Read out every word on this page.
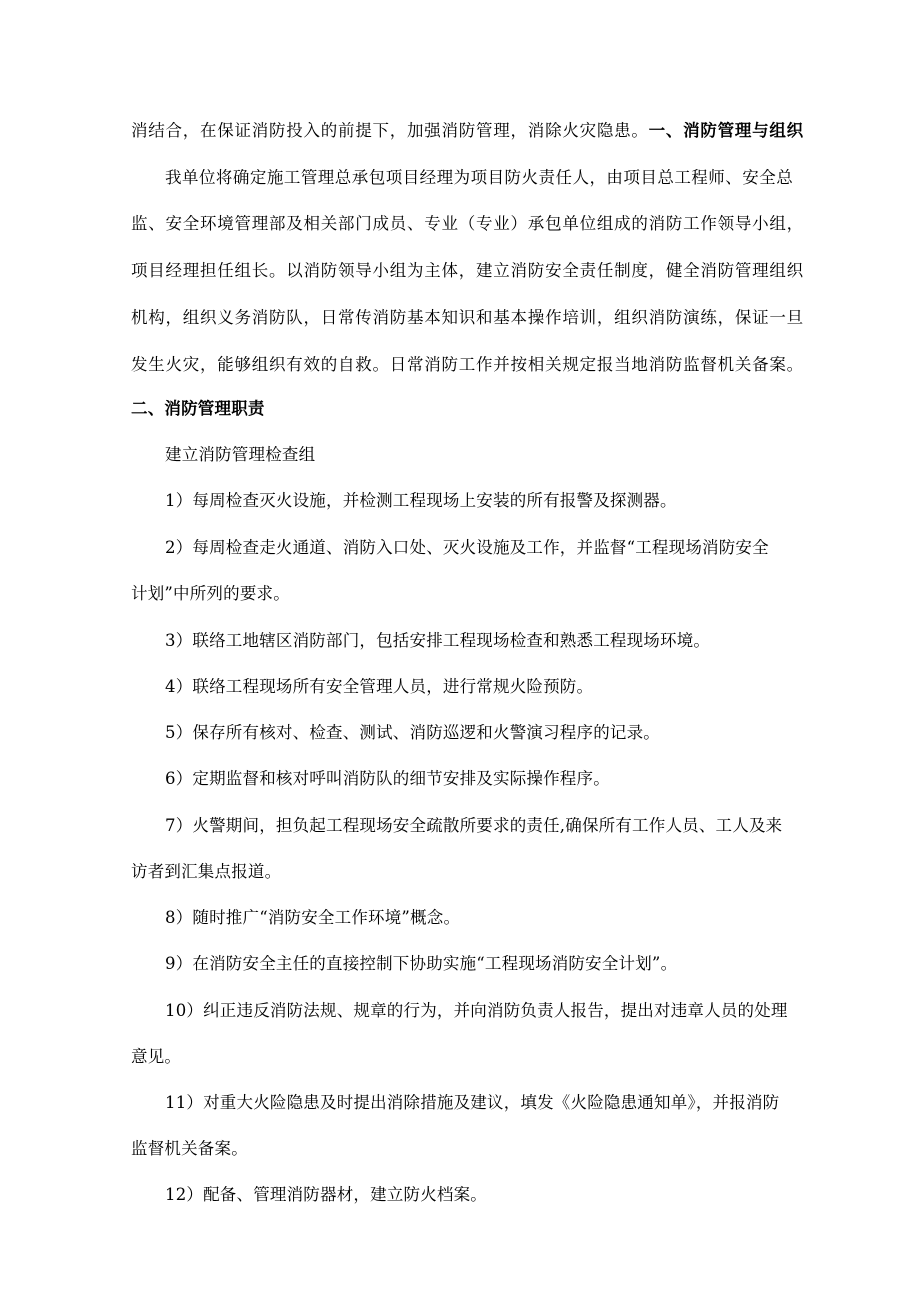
消结合，在保证消防投入的前提下，加强消防管理，消除火灾隐患。一、消防管理与组织
我单位将确定施工管理总承包项目经理为项目防火责任人，由项目总工程师、安全总
监、安全环境管理部及相关部门成员、专业（专业）承包单位组成的消防工作领导小组，
项目经理担任组长。以消防领导小组为主体，建立消防安全责任制度，健全消防管理组织
机构，组织义务消防队，日常传消防基本知识和基本操作培训，组织消防演练，保证一旦
发生火灾，能够组织有效的自救。日常消防工作并按相关规定报当地消防监督机关备案。
二、消防管理职责
建立消防管理检查组
1）每周检查灭火设施，并检测工程现场上安装的所有报警及探测器。
2）每周检查走火通道、消防入口处、灭火设施及工作，并监督“工程现场消防安全
计划”中所列的要求。
3）联络工地辖区消防部门，包括安排工程现场检查和熟悉工程现场环境。
4）联络工程现场所有安全管理人员，进行常规火险预防。
5）保存所有核对、检查、测试、消防巡逻和火警演习程序的记录。
6）定期监督和核对呼叫消防队的细节安排及实际操作程序。
7）火警期间，担负起工程现场安全疏散所要求的责任,确保所有工作人员、工人及来
访者到汇集点报道。
8）随时推广“消防安全工作环境”概念。
9）在消防安全主任的直接控制下协助实施“工程现场消防安全计划”。
10）纠正违反消防法规、规章的行为，并向消防负责人报告，提出对违章人员的处理
意见。
11）对重大火险隐患及时提出消除措施及建议，填发《火险隐患通知单》，并报消防
监督机关备案。
12）配备、管理消防器材，建立防火档案。
